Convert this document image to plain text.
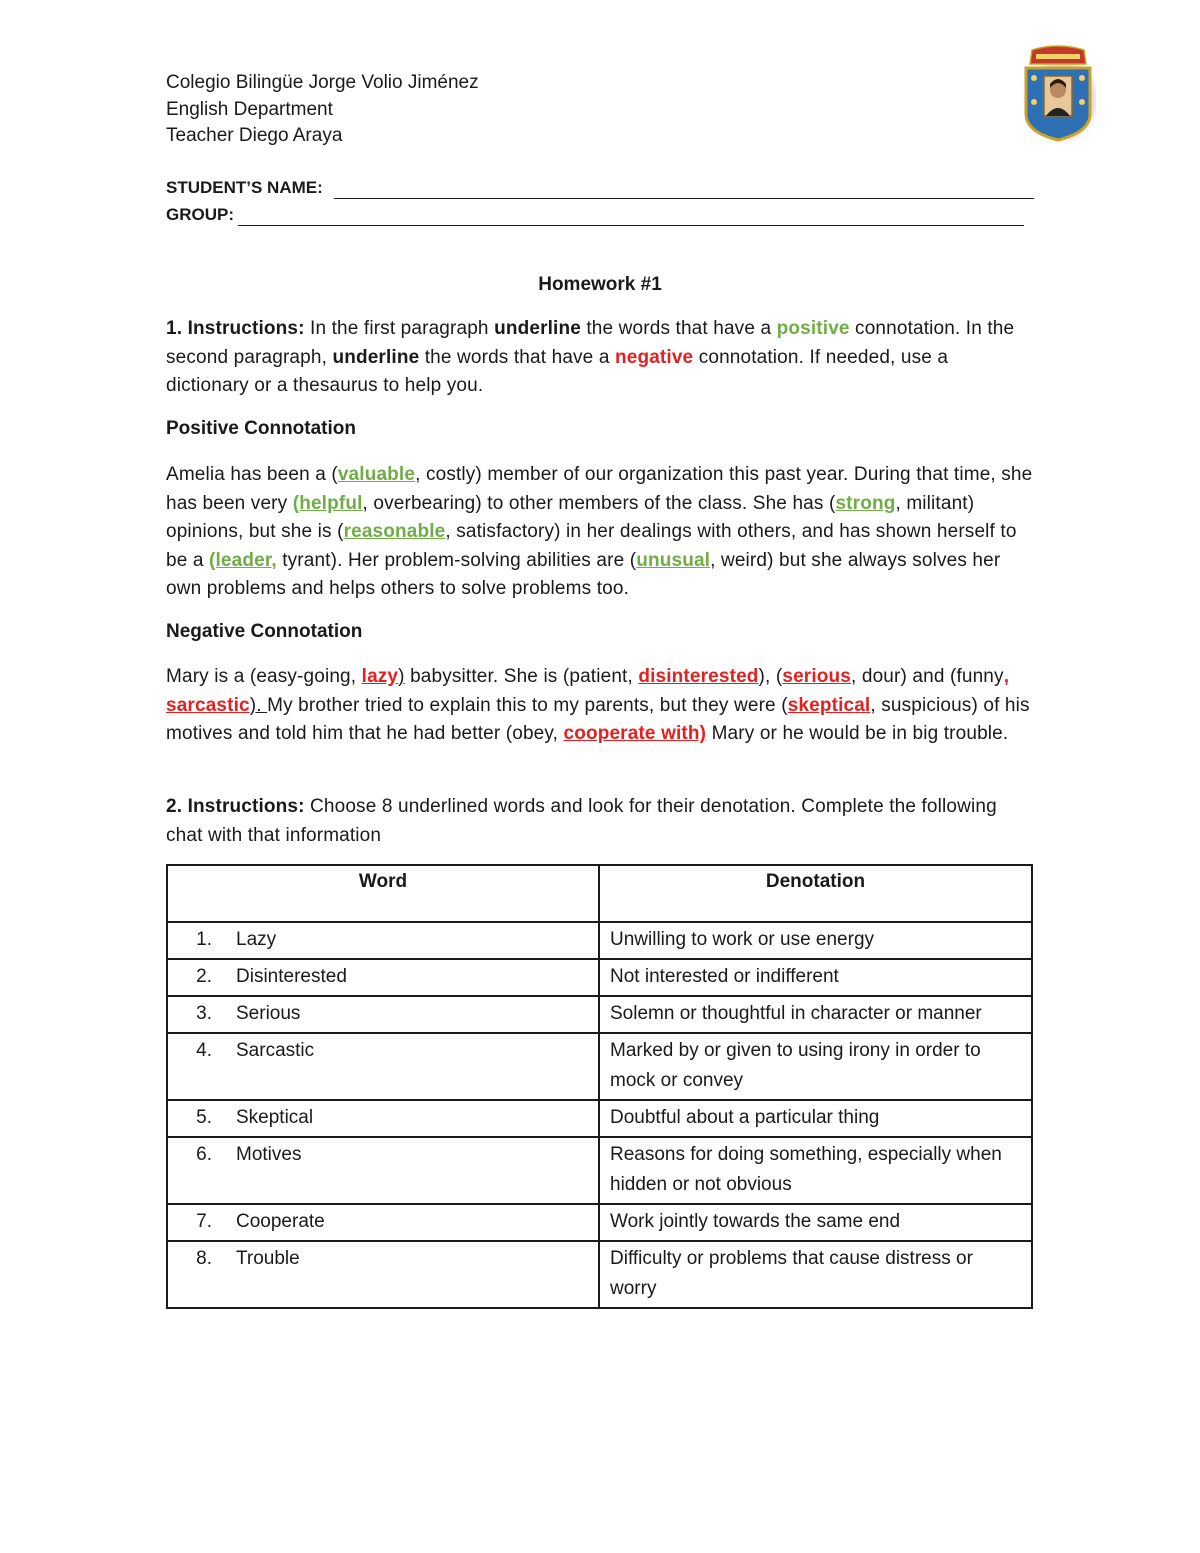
Colegio Bilingüe Jorge Volio Jiménez
English Department
Teacher Diego Araya
STUDENT’S NAME:
GROUP:
Homework #1
1. Instructions: In the first paragraph underline the words that have a positive connotation. In the second paragraph, underline the words that have a negative connotation. If needed, use a dictionary or a thesaurus to help you.
Positive Connotation
Amelia has been a (valuable, costly) member of our organization this past year. During that time, she has been very (helpful, overbearing) to other members of the class. She has (strong, militant) opinions, but she is (reasonable, satisfactory) in her dealings with others, and has shown herself to be a (leader, tyrant). Her problem-solving abilities are (unusual, weird) but she always solves her own problems and helps others to solve problems too.
Negative Connotation
Mary is a (easy-going, lazy) babysitter. She is (patient, disinterested), (serious, dour) and (funny, sarcastic). My brother tried to explain this to my parents, but they were (skeptical, suspicious) of his motives and told him that he had better (obey, cooperate with) Mary or he would be in big trouble.
2. Instructions: Choose 8 underlined words and look for their denotation. Complete the following chat with that information
Word	Denotation
1. Lazy	Unwilling to work or use energy
2. Disinterested	Not interested or indifferent
3. Serious	Solemn or thoughtful in character or manner
4. Sarcastic	Marked by or given to using irony in order to mock or convey
5. Skeptical	Doubtful about a particular thing
6. Motives	Reasons for doing something, especially when hidden or not obvious
7. Cooperate	Work jointly towards the same end
8. Trouble	Difficulty or problems that cause distress or worry
